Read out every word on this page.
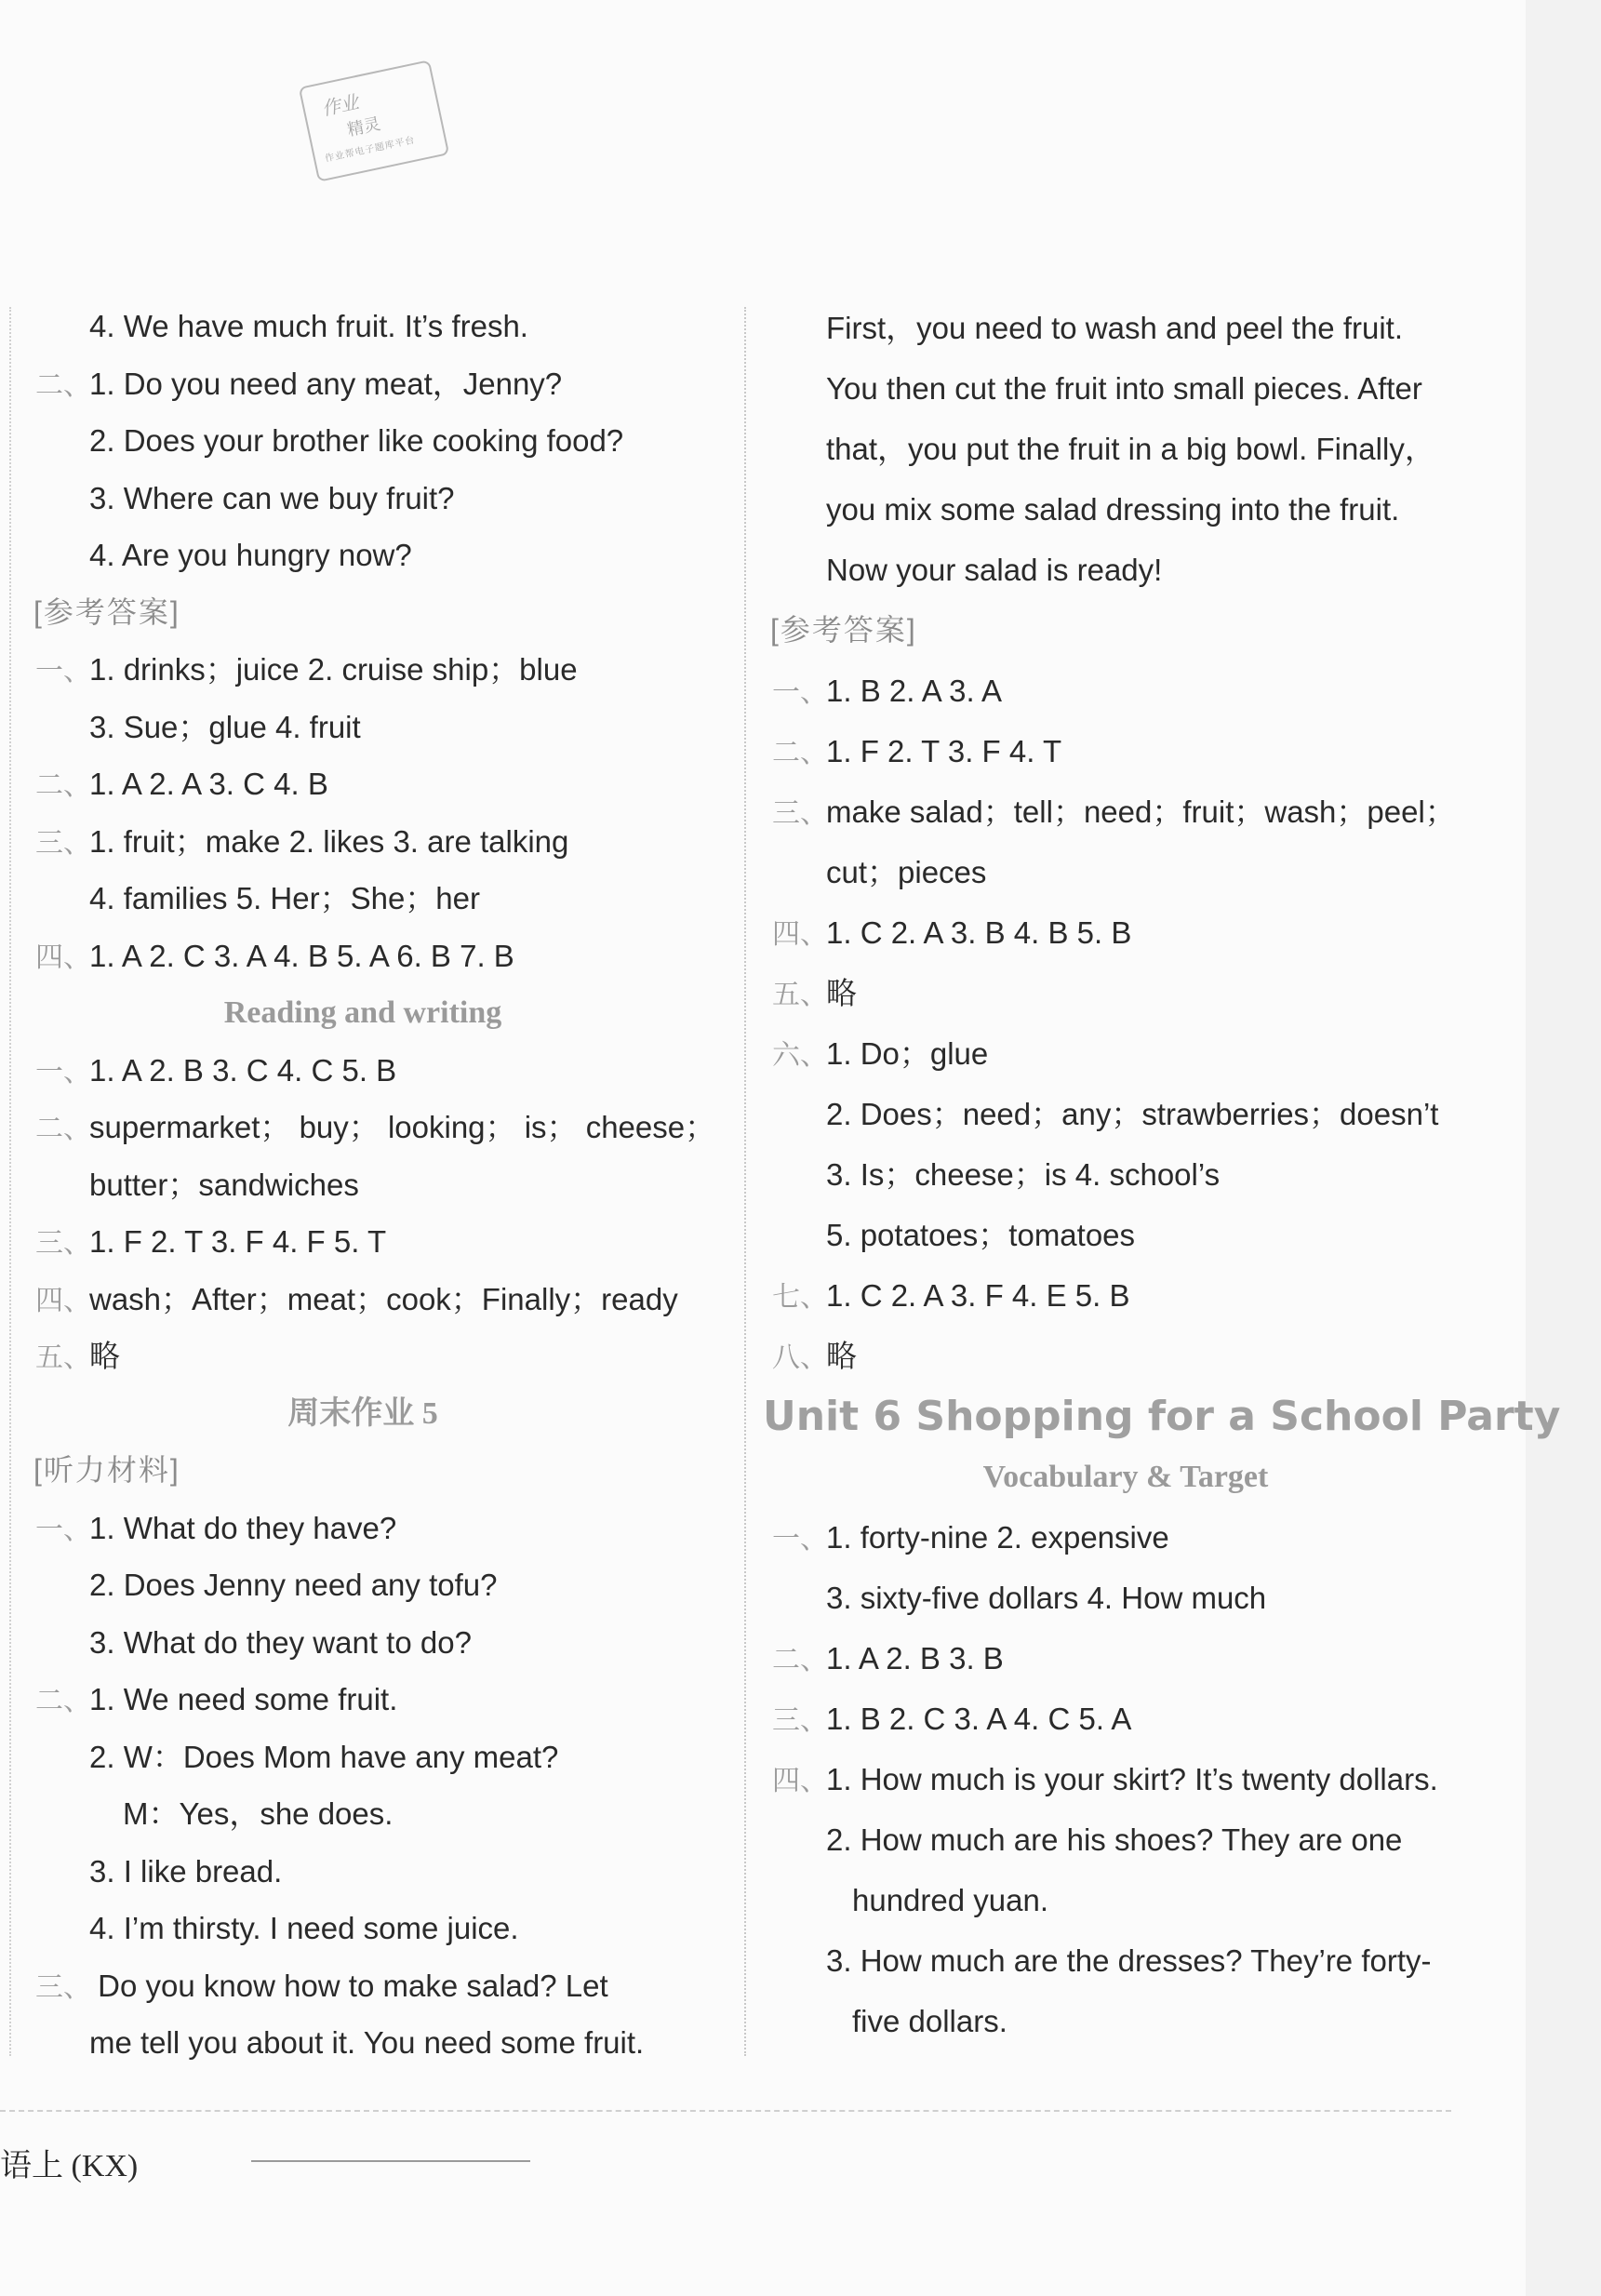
作业
精灵
作业帮电子题库平台
4. We have much fruit. It’s fresh.
二、1. Do you need any meat，Jenny?
2. Does your brother like cooking food?
3. Where can we buy fruit?
4. Are you hungry now?
[参考答案]
一、1. drinks；juice 2. cruise ship；blue
3. Sue；glue 4. fruit
二、1. A 2. A 3. C 4. B
三、1. fruit；make 2. likes 3. are talking
4. families 5. Her；She；her
四、1. A 2. C 3. A 4. B 5. A 6. B 7. B
Reading and writing
一、1. A 2. B 3. C 4. C 5. B
二、supermarket； buy； looking； is； cheese；
butter；sandwiches
三、1. F 2. T 3. F 4. F 5. T
四、wash；After；meat；cook；Finally；ready
五、略
周末作业 5
[听力材料]
一、1. What do they have?
2. Does Jenny need any tofu?
3. What do they want to do?
二、1. We need some fruit.
2. W：Does Mom have any meat?
M：Yes，she does.
3. I like bread.
4. I’m thirsty. I need some juice.
三、 Do you know how to make salad? Let
me tell you about it. You need some fruit.
First，you need to wash and peel the fruit.
You then cut the fruit into small pieces. After
that，you put the fruit in a big bowl. Finally，
you mix some salad dressing into the fruit.
Now your salad is ready!
[参考答案]
一、1. B 2. A 3. A
二、1. F 2. T 3. F 4. T
三、make salad；tell；need；fruit；wash；peel；
cut；pieces
四、1. C 2. A 3. B 4. B 5. B
五、略
六、1. Do；glue
2. Does；need；any；strawberries；doesn’t
3. Is；cheese；is 4. school’s
5. potatoes；tomatoes
七、1. C 2. A 3. F 4. E 5. B
八、略
Unit 6 Shopping for a School Party
Vocabulary & Target
一、1. forty-nine 2. expensive
3. sixty-five dollars 4. How much
二、1. A 2. B 3. B
三、1. B 2. C 3. A 4. C 5. A
四、1. How much is your skirt? It’s twenty dollars.
2. How much are his shoes? They are one
hundred yuan.
3. How much are the dresses? They’re forty-
five dollars.
语上 (KX)
